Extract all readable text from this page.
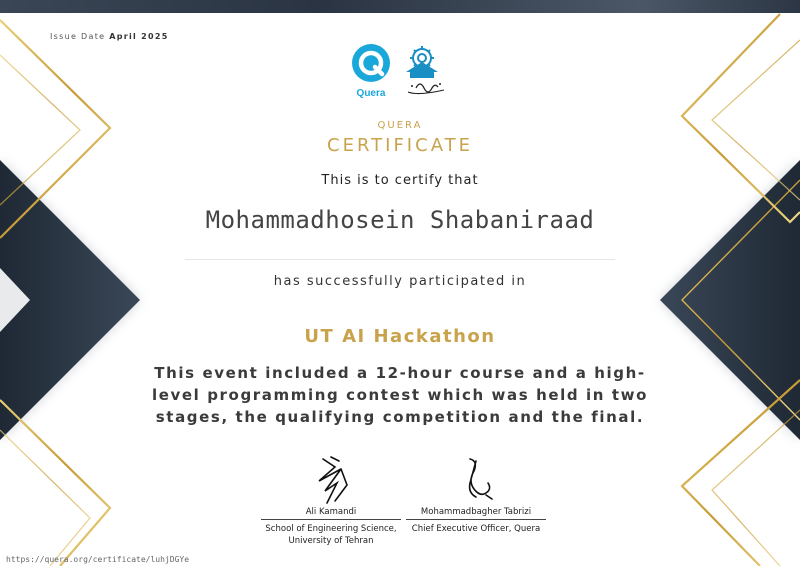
Issue Date April 2025
Quera
QUERA
CERTIFICATE
This is to certify that
Mohammadhosein Shabaniraad
has successfully participated in
UT AI Hackathon
This event included a 12-hour course and a high-level programming contest which was held in two stages, the qualifying competition and the final.
Ali Kamandi
School of Engineering Science, University of Tehran
Mohammadbagher Tabrizi
Chief Executive Officer, Quera
https://quera.org/certificate/luhjDGYe
